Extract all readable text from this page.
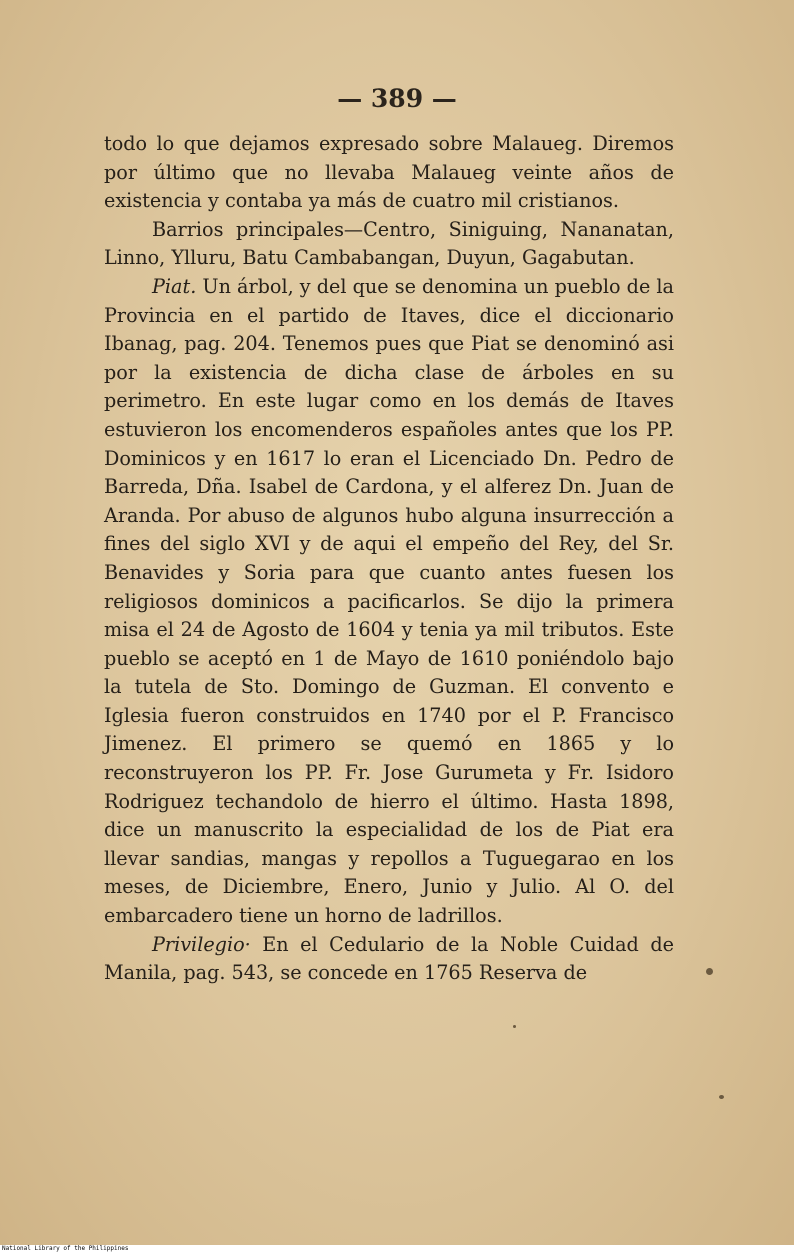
— 389 —

todo lo que dejamos expresado sobre Malaueg. Diremos por último que no llevaba Malaueg veinte años de existencia y contaba ya más de cuatro mil cristianos.

Barrios principales—Centro, Siniguing, Nananatan, Linno, Ylluru, Batu Cambabangan, Duyun, Gagabutan.

Piat. Un árbol, y del que se denomina un pueblo de la Provincia en el partido de Itaves, dice el diccionario Ibanag, pag. 204. Tenemos pues que Piat se denominó asi por la existencia de dicha clase de árboles en su perimetro. En este lugar como en los demás de Itaves estuvieron los encomenderos españoles antes que los PP. Dominicos y en 1617 lo eran el Licenciado Dn. Pedro de Barreda, Dña. Isabel de Cardona, y el alferez Dn. Juan de Aranda. Por abuso de algunos hubo alguna insurrección a fines del siglo XVI y de aqui el empeño del Rey, del Sr. Benavides y Soria para que cuanto antes fuesen los religiosos dominicos a pacificarlos. Se dijo la primera misa el 24 de Agosto de 1604 y tenia ya mil tributos. Este pueblo se aceptó en 1 de Mayo de 1610 poniéndolo bajo la tutela de Sto. Domingo de Guzman. El convento e Iglesia fueron construidos en 1740 por el P. Francisco Jimenez. El primero se quemó en 1865 y lo reconstruyeron los PP. Fr. Jose Gurumeta y Fr. Isidoro Rodriguez techandolo de hierro el último. Hasta 1898, dice un manuscrito la especialidad de los de Piat era llevar sandias, mangas y repollos a Tuguegarao en los meses, de Diciembre, Enero, Junio y Julio. Al O. del embarcadero tiene un horno de ladrillos.

Privilegio· En el Cedulario de la Noble Cuidad de Manila, pag. 543, se concede en 1765 Reserva de

National Library of the Philippines
